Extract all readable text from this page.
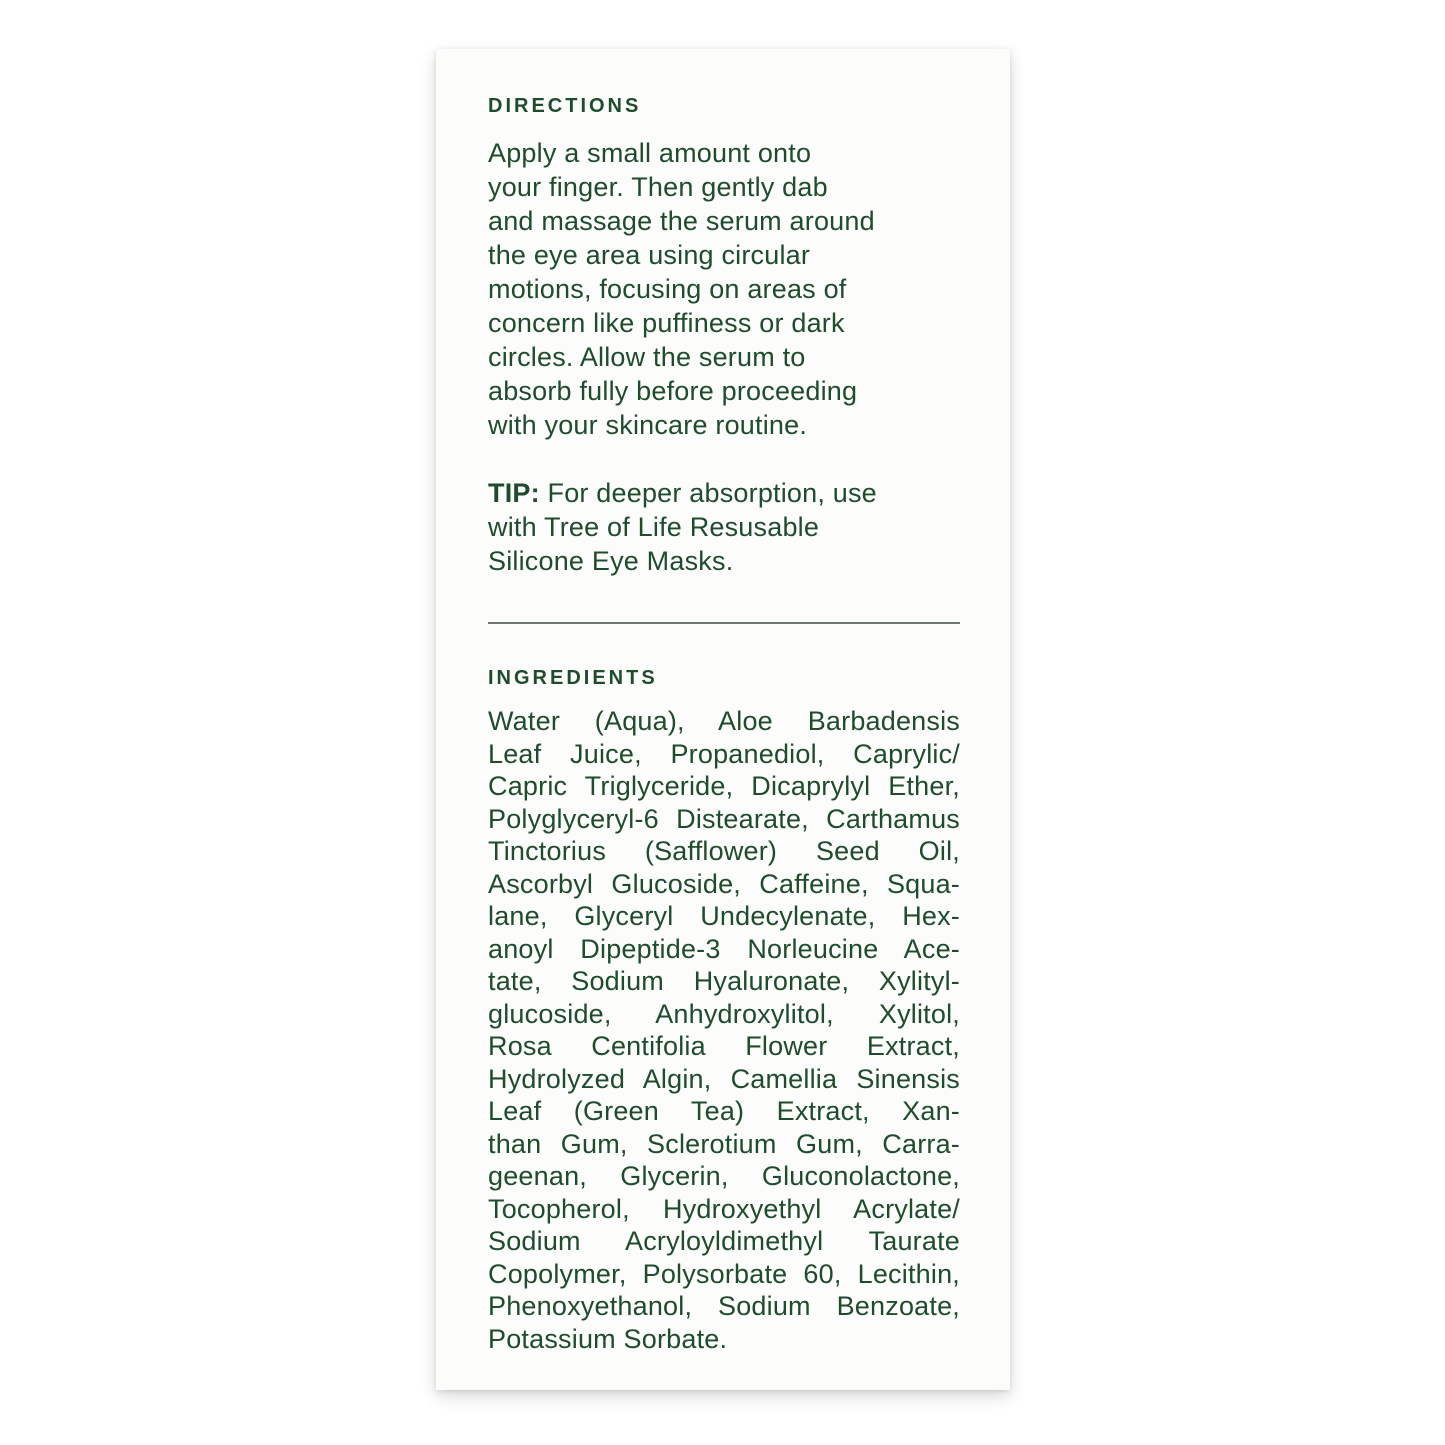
DIRECTIONS
Apply a small amount onto
your finger. Then gently dab
and massage the serum around
the eye area using circular
motions, focusing on areas of
concern like puffiness or dark
circles. Allow the serum to
absorb fully before proceeding
with your skincare routine.
TIP: For deeper absorption, use
with Tree of Life Resusable
Silicone Eye Masks.
INGREDIENTS
Water (Aqua), Aloe Barbadensis
Leaf Juice, Propanediol, Caprylic/
Capric Triglyceride, Dicaprylyl Ether,
Polyglyceryl-6 Distearate, Carthamus
Tinctorius (Safflower) Seed Oil,
Ascorbyl Glucoside, Caffeine, Squa-
lane, Glyceryl Undecylenate, Hex-
anoyl Dipeptide-3 Norleucine Ace-
tate, Sodium Hyaluronate, Xylityl-
glucoside, Anhydroxylitol, Xylitol,
Rosa Centifolia Flower Extract,
Hydrolyzed Algin, Camellia Sinensis
Leaf (Green Tea) Extract, Xan-
than Gum, Sclerotium Gum, Carra-
geenan, Glycerin, Gluconolactone,
Tocopherol, Hydroxyethyl Acrylate/
Sodium Acryloyldimethyl Taurate
Copolymer, Polysorbate 60, Lecithin,
Phenoxyethanol, Sodium Benzoate,
Potassium Sorbate.
